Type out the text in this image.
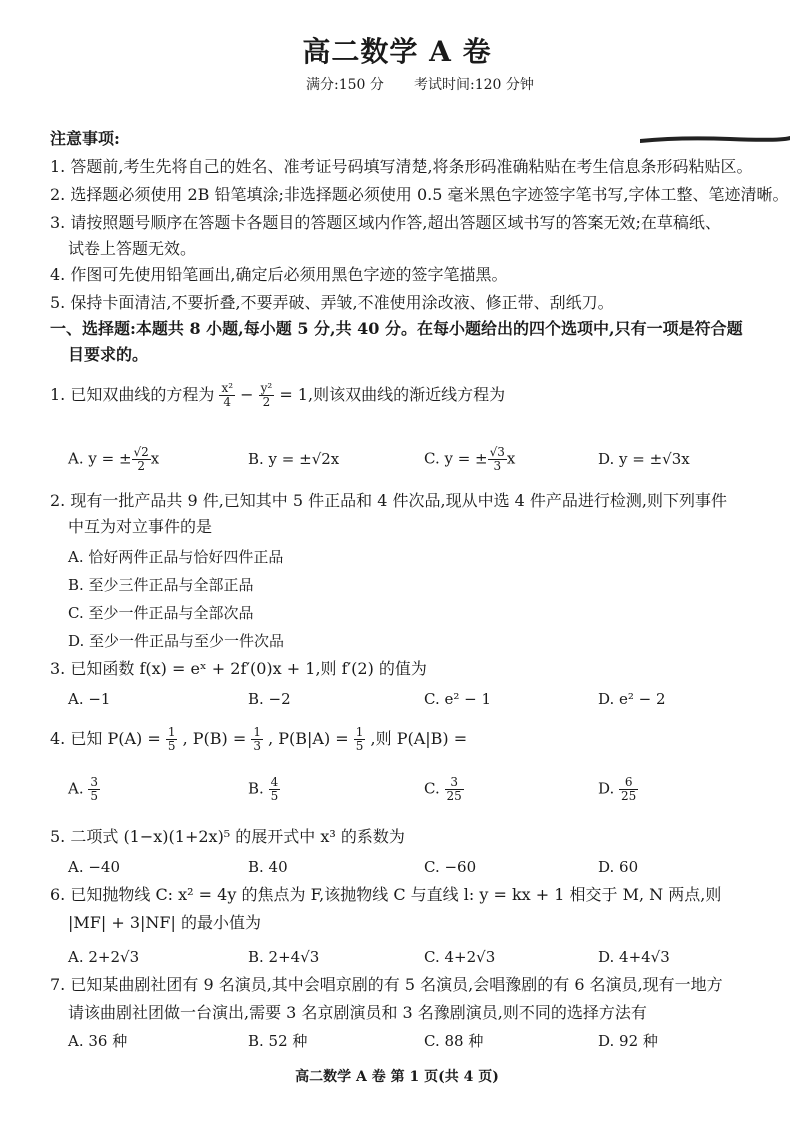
高二数学 A 卷
满分:150 分 考试时间:120 分钟
注意事项:
1. 答题前,考生先将自己的姓名、准考证号码填写清楚,将条形码准确粘贴在考生信息条形码粘贴区。
2. 选择题必须使用 2B 铅笔填涂;非选择题必须使用 0.5 毫米黑色字迹签字笔书写,字体工整、笔迹清晰。
3. 请按照题号顺序在答题卡各题目的答题区域内作答,超出答题区域书写的答案无效;在草稿纸、
试卷上答题无效。
4. 作图可先使用铅笔画出,确定后必须用黑色字迹的签字笔描黑。
5. 保持卡面清洁,不要折叠,不要弄破、弄皱,不准使用涂改液、修正带、刮纸刀。
一、选择题:本题共 8 小题,每小题 5 分,共 40 分。在每小题给出的四个选项中,只有一项是符合题
目要求的。
1. 已知双曲线的方程为 $\frac{\text{x²}}{4} - \frac{\text{y²}}{2} = 1$,则该双曲线的渐近线方程为
A. y = ± $\frac{√2}{2}$ x	B. y = ±√2x	C. y = ± $\frac{√3}{3}$ x	D. y = ±√3x
2. 现有一批产品共 9 件,已知其中 5 件正品和 4 件次品,现从中选 4 件产品进行检测,则下列事件
中互为对立事件的是
A. 恰好两件正品与恰好四件正品
B. 至少三件正品与全部正品
C. 至少一件正品与全部次品
D. 至少一件正品与至少一件次品
3. 已知函数 f(x) = eˣ + 2f′(0)x + 1,则 f′(2) 的值为
A. −1	B. −2	C. e² − 1	D. e² − 2
4. 已知 $P(A) = \frac{1}{5}$ , $P(B) = \frac{1}{3}$ , $P(B|A) = \frac{1}{5}$ ,则 P(A|B) =
A. $\frac{3}{5}$	B. $\frac{4}{5}$	C. $\frac{3}{25}$	D. $\frac{6}{25}$
5. 二项式 (1−x)(1+2x)⁵ 的展开式中 x³ 的系数为
A. −40	B. 40	C. −60	D. 60
6. 已知抛物线 C: x² = 4y 的焦点为 F,该抛物线 C 与直线 l: y = kx + 1 相交于 M, N 两点,则
|MF| + 3|NF| 的最小值为
A. 2+2√3	B. 2+4√3	C. 4+2√3	D. 4+4√3
7. 已知某曲剧社团有 9 名演员,其中会唱京剧的有 5 名演员,会唱豫剧的有 6 名演员,现有一地方
请该曲剧社团做一台演出,需要 3 名京剧演员和 3 名豫剧演员,则不同的选择方法有
A. 36 种	B. 52 种	C. 88 种	D. 92 种
高二数学 A 卷 第 1 页(共 4 页)
